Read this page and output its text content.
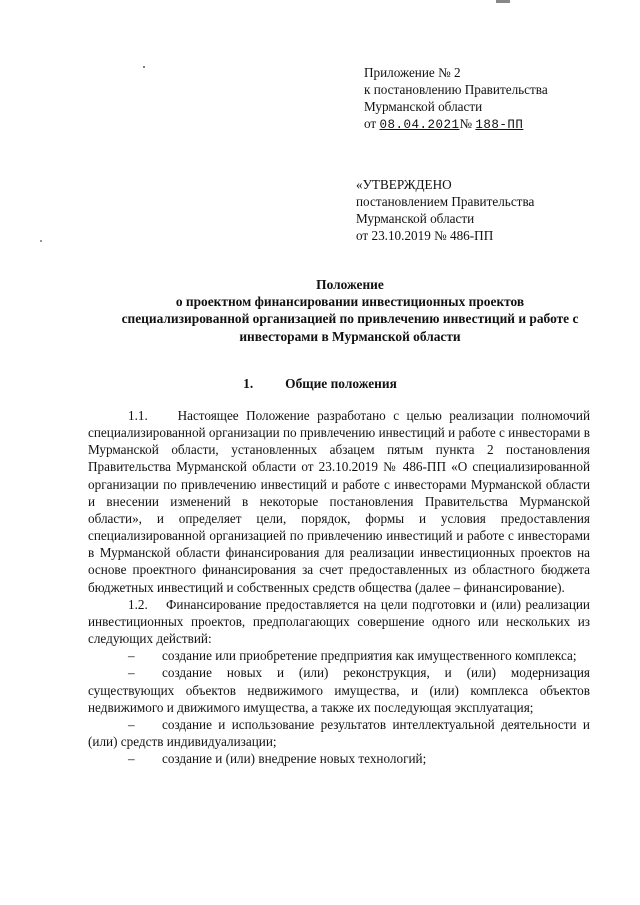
Приложение № 2
к постановлению Правительства
Мурманской области
от 08.04.2021№ 188-ПП
«УТВЕРЖДЕНО
постановлением Правительства
Мурманской области
от 23.10.2019 № 486-ПП
Положение
о проектном финансировании инвестиционных проектов
специализированной организацией по привлечению инвестиций и работе с
инвесторами в Мурманской области
1. Общие положения

1.1.    Настоящее Положение разработано с целью реализации полномочий специализированной организации по привлечению инвестиций и работе с инвесторами в Мурманской области, установленных абзацем пятым пункта 2 постановления Правительства Мурманской области от 23.10.2019 № 486-ПП «О специализированной организации по привлечению инвестиций и работе с инвесторами Мурманской области и внесении изменений в некоторые постановления Правительства Мурманской области», и определяет цели, порядок, формы и условия предоставления специализированной организацией по привлечению инвестиций и работе с инвесторами в Мурманской области финансирования для реализации инвестиционных проектов на основе проектного финансирования за счет предоставленных из областного бюджета бюджетных инвестиций и собственных средств общества (далее – финансирование).

1.2.    Финансирование предоставляется на цели подготовки и (или) реализации инвестиционных проектов, предполагающих совершение одного или нескольких из следующих действий:

– создание или приобретение предприятия как имущественного комплекса;

– создание новых и (или) реконструкция, и (или) модернизация существующих объектов недвижимого имущества, и (или) комплекса объектов недвижимого и движимого имущества, а также их последующая эксплуатация;

– создание и использование результатов интеллектуальной деятельности и (или) средств индивидуализации;

– создание и (или) внедрение новых технологий;
